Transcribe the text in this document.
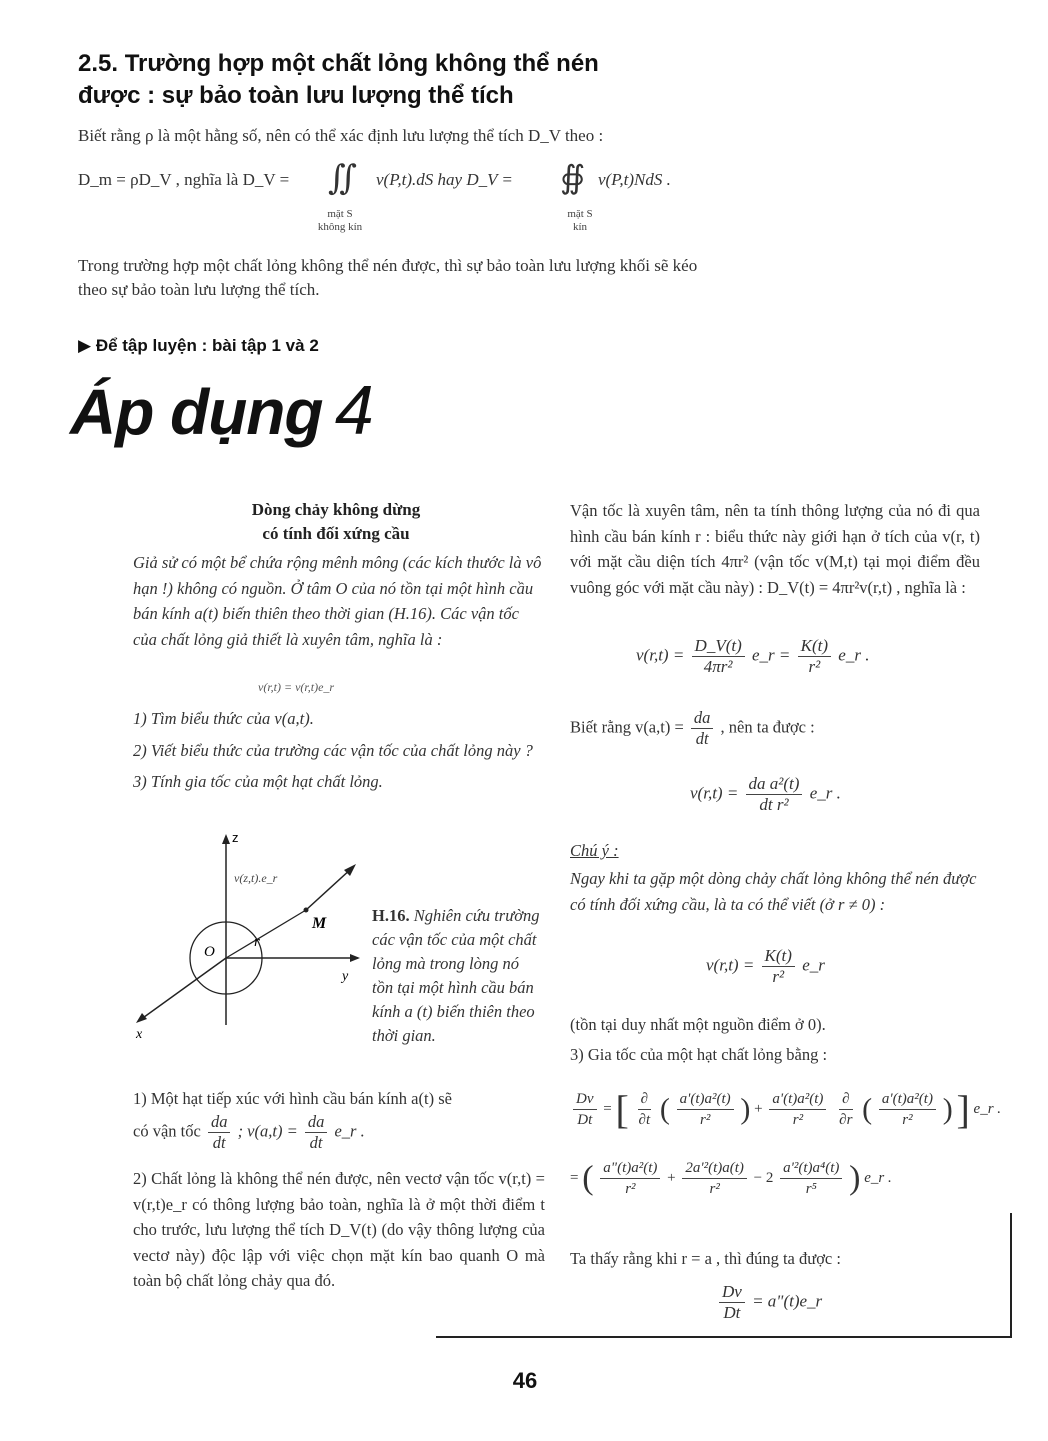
2.5. Trường hợp một chất lỏng không thể nén
được : sự bảo toàn lưu lượng thể tích
Biết rằng ρ là một hằng số, nên có thể xác định lưu lượng thể tích D_V theo :
D_m = ρD_V , nghĩa là D_V = ∬ v(P,t).dS hay D_V = ∯ v(P,t)NdS .
mặt S
không kín
mặt S
kín
Trong trường hợp một chất lỏng không thể nén được, thì sự bảo toàn lưu lượng khối sẽ kéo theo sự bảo toàn lưu lượng thể tích.
▶ Để tập luyện : bài tập 1 và 2
Áp dụng 4
Dòng chảy không dừng
có tính đối xứng cầu
Giả sử có một bể chứa rộng mênh mông (các kích thước là vô hạn !) không có nguồn. Ở tâm O của nó tồn tại một hình cầu bán kính a(t) biến thiên theo thời gian (H.16). Các vận tốc của chất lỏng giả thiết là xuyên tâm, nghĩa là :
v(r,t) = v(r,t)e_r

1) Tìm biểu thức của v(a,t).

2) Viết biểu thức của trường các vận tốc của chất lỏng này ?

3) Tính gia tốc của một hạt chất lỏng.

z
y
x
O
M
r
v(z,t).e_r
H.16. Nghiên cứu trường các vận tốc của một chất lỏng mà trong lòng nó tồn tại một hình cầu bán kính a (t) biến thiên theo thời gian.
1) Một hạt tiếp xúc với hình cầu bán kính a(t) sẽ
có vận tốc $\frac{da}{dt}$ ; $v(a,t) = \frac{da}{dt}$ e_r .
2) Chất lỏng là không thể nén được, nên vectơ vận tốc v(r,t) = v(r,t)e_r có thông lượng bảo toàn, nghĩa là ở một thời điểm t cho trước, lưu lượng thể tích D_V(t) (do vậy thông lượng của vectơ này) độc lập với việc chọn mặt kín bao quanh O mà toàn bộ chất lỏng chảy qua đó.
Vận tốc là xuyên tâm, nên ta tính thông lượng của nó đi qua hình cầu bán kính r : biểu thức này giới hạn ở tích của v(r, t) với mặt cầu diện tích 4πr² (vận tốc v(M,t) tại mọi điểm đều vuông góc với mặt cầu này) : D_V(t) = 4πr²v(r,t) , nghĩa là :
$v(r,t) = \frac{D\_V(t)}{\text{4πr²}}$ e_r = $\frac{K(t)}{\text{r²}}$ e_r .
Biết rằng $v(a,t) = \frac{da}{dt}$ , nên ta được :
$v(r,t) = \frac{\text{da a²(t)}}{\text{dt r²}}$ e_r .
Chú ý :
Ngay khi ta gặp một dòng chảy chất lỏng không thể nén được có tính đối xứng cầu, là ta có thể viết (ở r ≠ 0) :
$v(r,t) = \frac{K(t)}{\text{r²}}$ e_r
(tồn tại duy nhất một nguồn điểm ở 0).
3) Gia tốc của một hạt chất lỏng bằng :
$\frac{Dv}{Dt}$ = [ $\frac{\partial}{\partial t}$ ( $\frac{\text{a'(t)a²(t)}}{\text{r²}}$ ) + $\frac{\text{a'(t)a²(t)}}{\text{r²}}$
$\frac{\partial}{\partial r}$ ( $\frac{\text{a'(t)a²(t)}}{\text{r²}}$ ) ] e_r .
= ( $\frac{\text{a"(t)a²(t)}}{\text{r²}} + \frac{\text{2a'²(t)a(t)}}{\text{r²}} - 2 \frac{\text{a'²(t)a⁴(t)}}{\text{r⁵}}$ ) e_r .
Ta thấy rằng khi r = a , thì đúng ta được :
$\frac{Dv}{Dt}$ = a"(t)e_r
46
